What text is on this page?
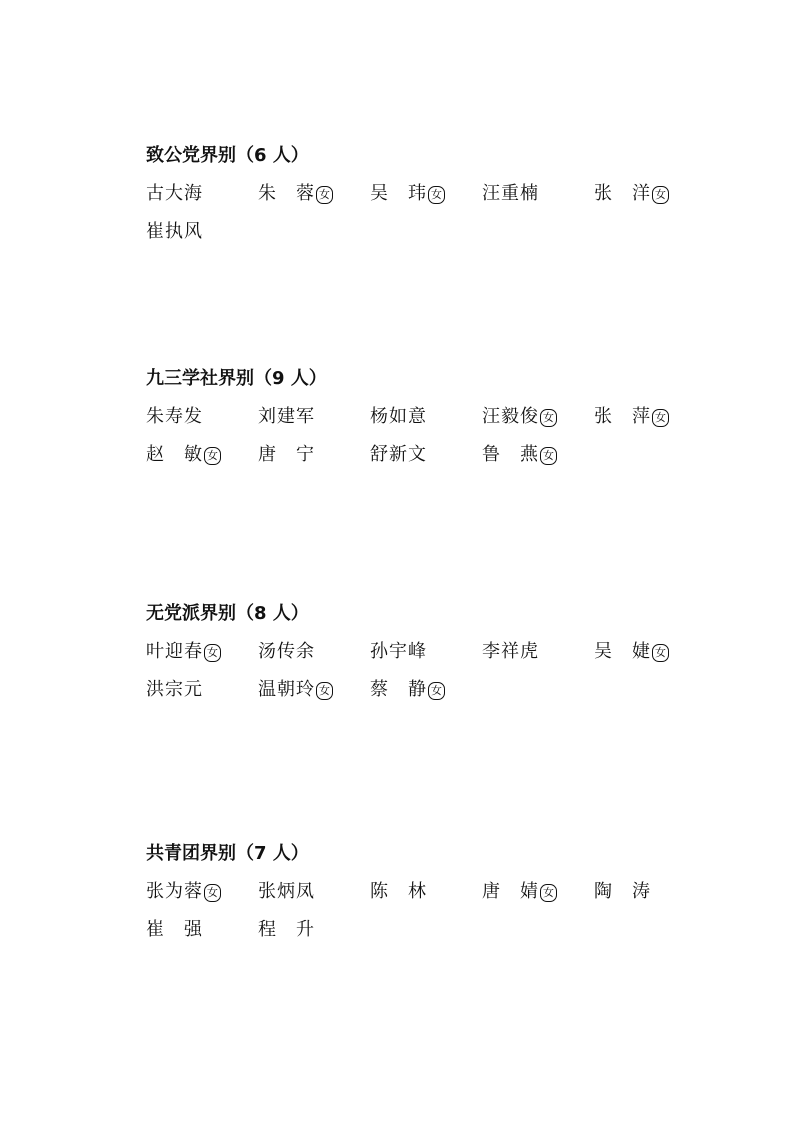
致公党界别（6 人）
古大海	朱　蓉 女 吴　玮 女 汪重楠	张　洋 女
崔执风
九三学社界别（9 人）
朱寿发	刘建军	杨如意	汪毅俊 女 张　萍 女
赵　敏 女 唐　宁	舒新文	鲁　燕 女
无党派界别（8 人）
叶迎春 女 汤传余	孙宇峰	李祥虎	吴　婕 女
洪宗元	温朝玲 女 蔡　静 女
共青团界别（7 人）
张为蓉 女 张炳凤	陈　林	唐　婧 女 陶　涛
崔　强	程　升
